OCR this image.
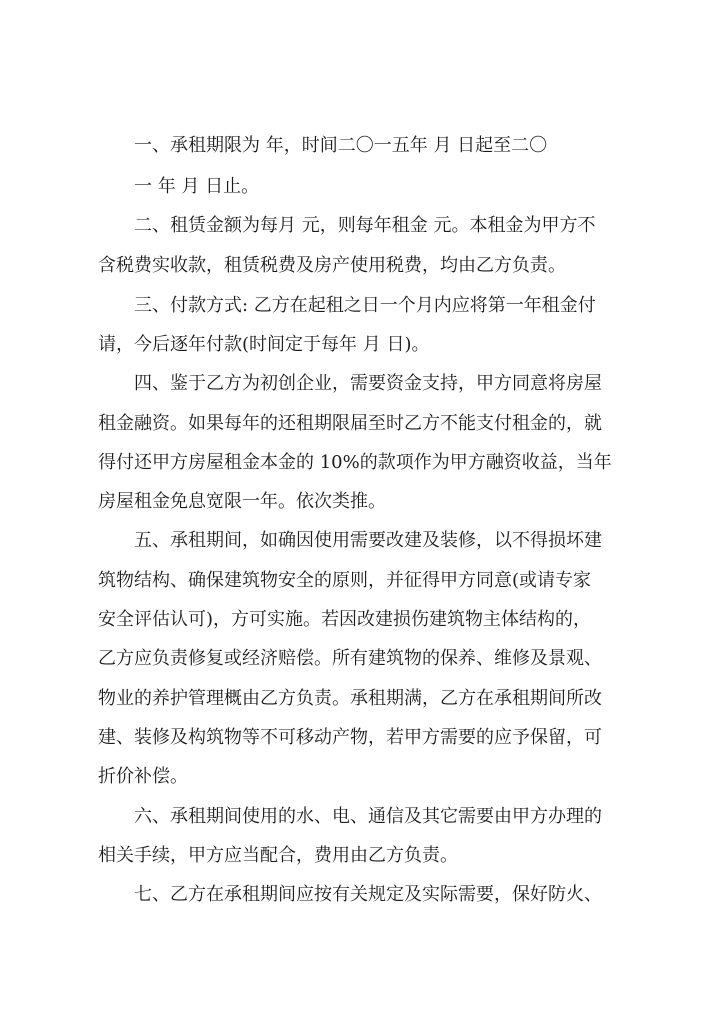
一、承租期限为 年，时间二〇一五年 月 日起至二〇

一 年 月 日止。

二、租赁金额为每月 元，则每年租金 元。本租金为甲方不

含税费实收款，租赁税费及房产使用税费，均由乙方负责。

三、付款方式: 乙方在起租之日一个月内应将第一年租金付

请，今后逐年付款(时间定于每年 月 日)。

四、鉴于乙方为初创企业，需要资金支持，甲方同意将房屋

租金融资。如果每年的还租期限届至时乙方不能支付租金的，就

得付还甲方房屋租金本金的 10%的款项作为甲方融资收益，当年

房屋租金免息宽限一年。依次类推。

五、承租期间，如确因使用需要改建及装修，以不得损坏建

筑物结构、确保建筑物安全的原则，并征得甲方同意(或请专家

安全评估认可)，方可实施。若因改建损伤建筑物主体结构的，

乙方应负责修复或经济赔偿。所有建筑物的保养、维修及景观、

物业的养护管理概由乙方负责。承租期满，乙方在承租期间所改

建、装修及构筑物等不可移动产物，若甲方需要的应予保留，可

折价补偿。

六、承租期间使用的水、电、通信及其它需要由甲方办理的

相关手续，甲方应当配合，费用由乙方负责。

七、乙方在承租期间应按有关规定及实际需要，保好防火、
